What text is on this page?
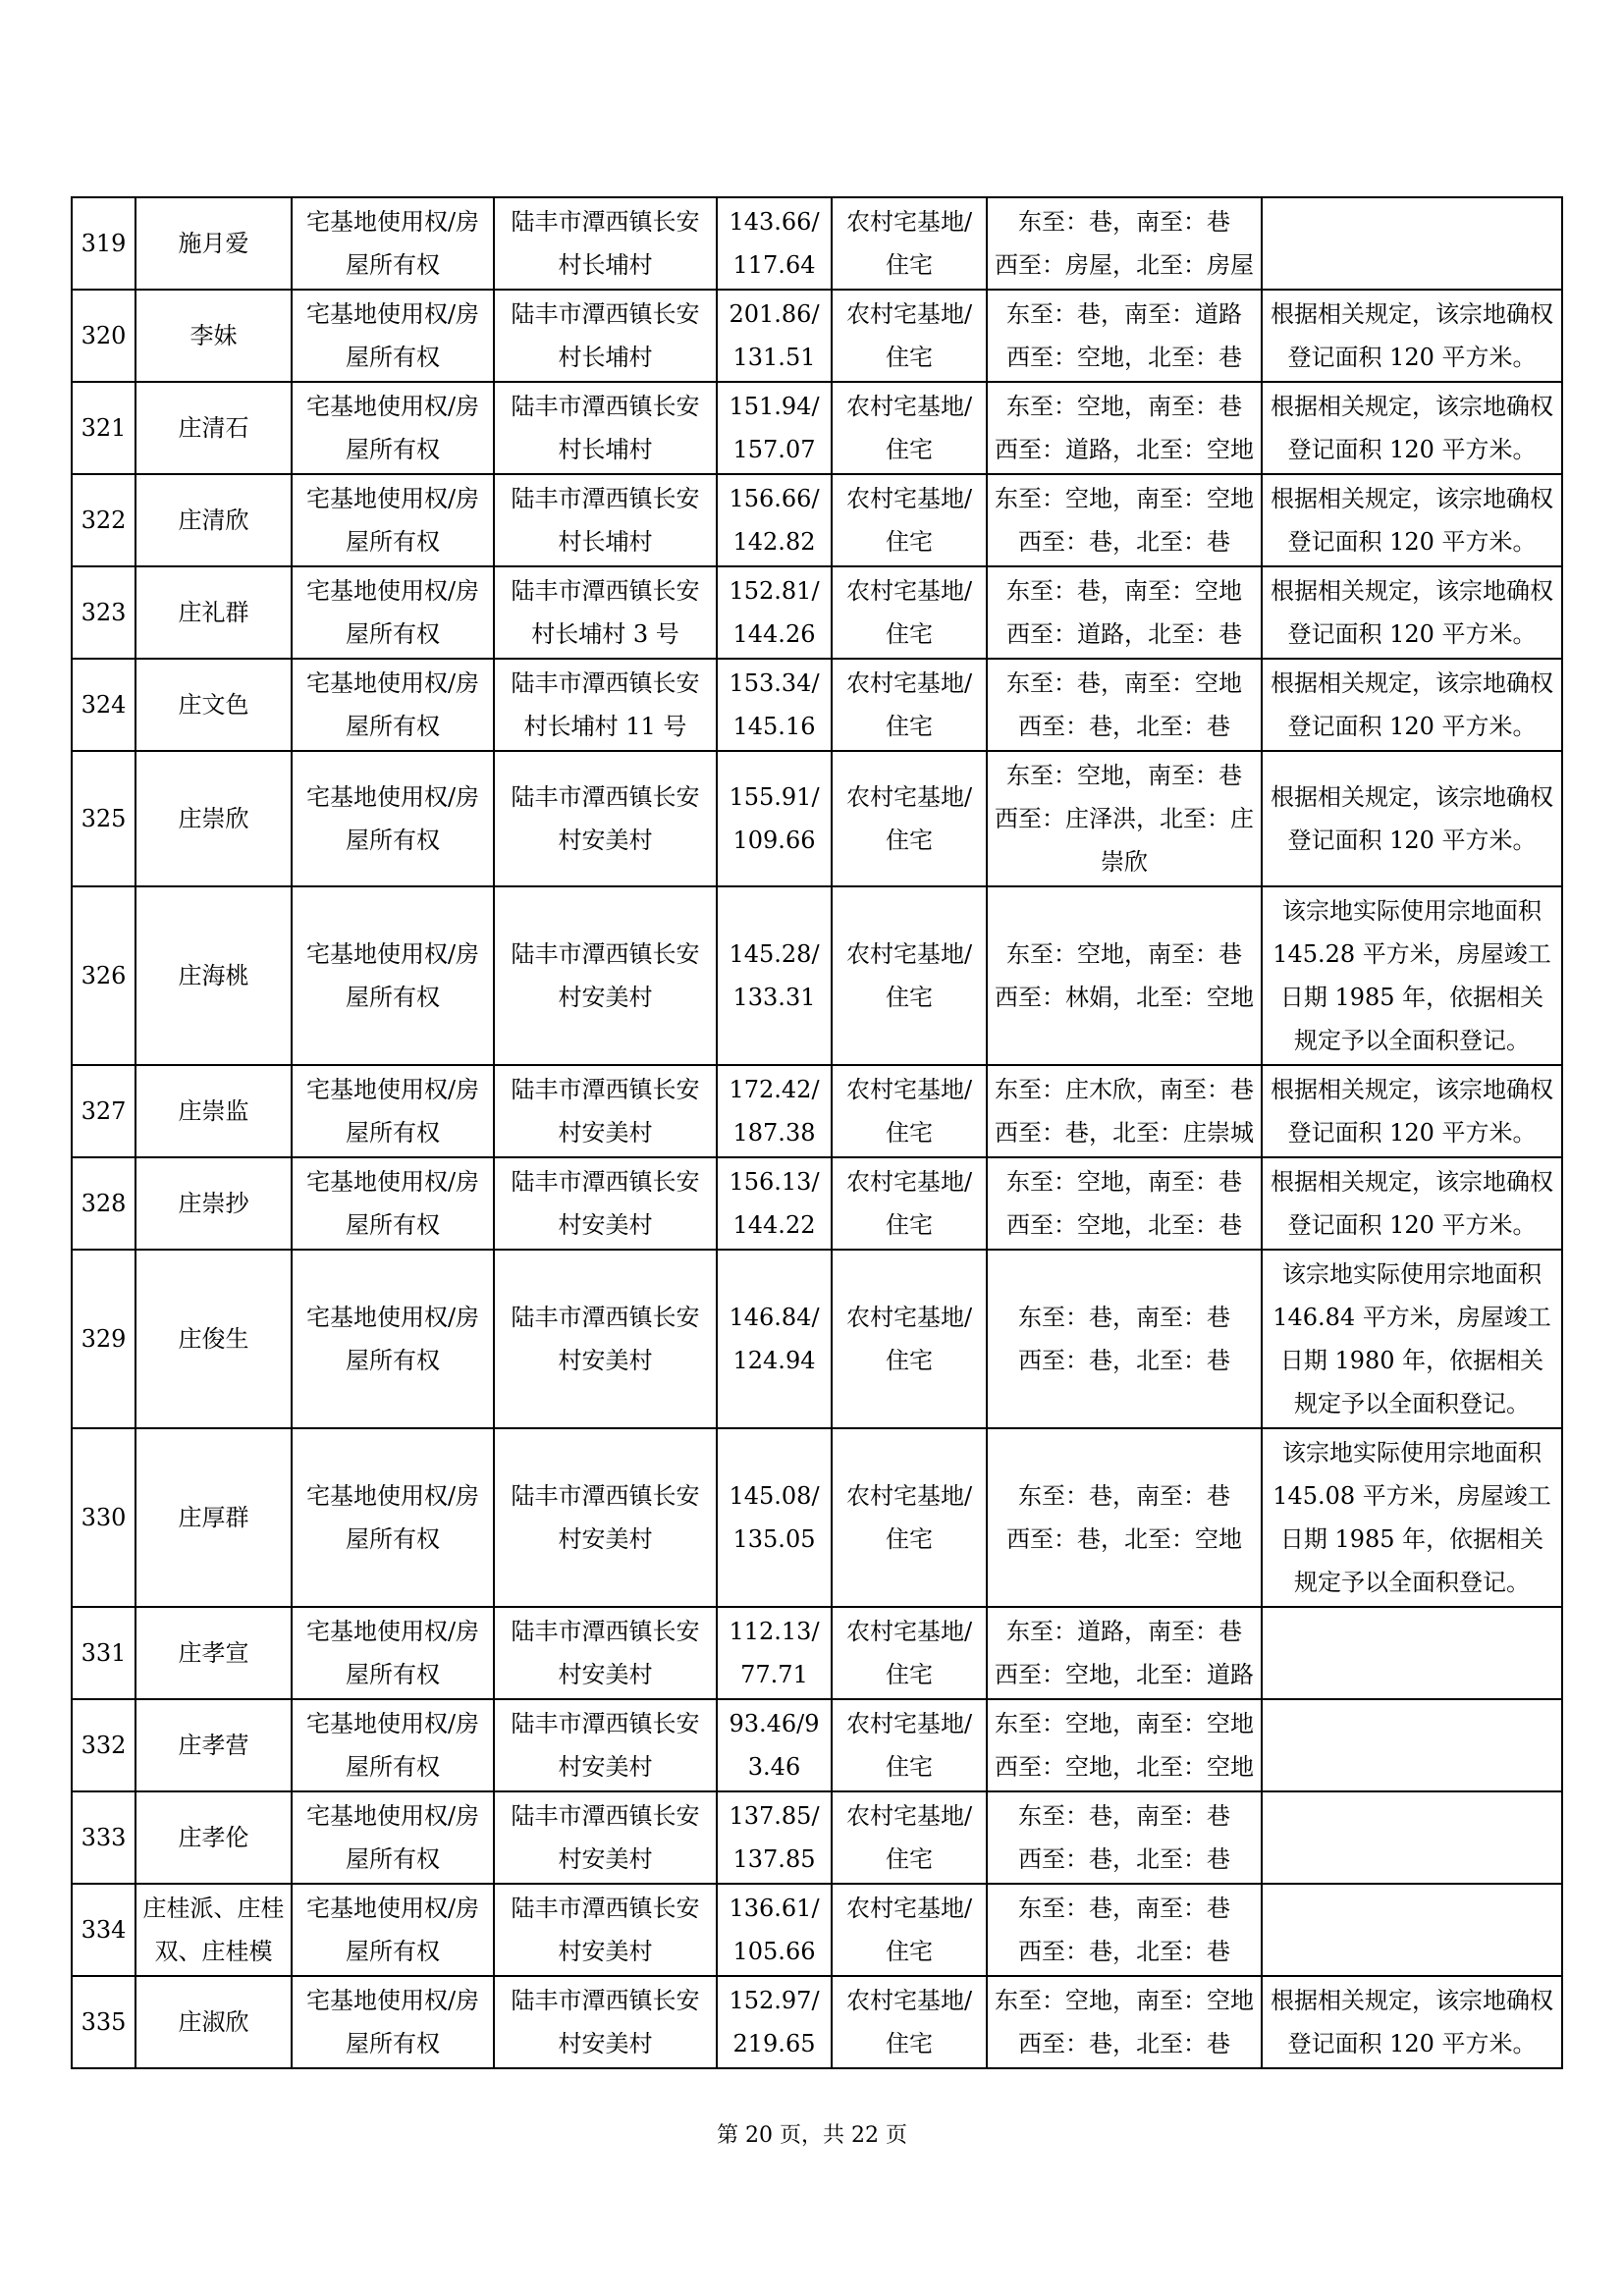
319	施月爱	宅基地使用权/房屋所有权	陆丰市潭西镇长安村长埔村	143.66/117.64	农村宅基地/住宅	东至：巷，南至：巷
西至：房屋，北至：房屋	

320	李妹	宅基地使用权/房屋所有权	陆丰市潭西镇长安村长埔村	201.86/131.51	农村宅基地/住宅	东至：巷，南至：道路
西至：空地，北至：巷	根据相关规定，该宗地确权登记面积 120 平方米。
321	庄清石	宅基地使用权/房屋所有权	陆丰市潭西镇长安村长埔村	151.94/157.07	农村宅基地/住宅	东至：空地，南至：巷
西至：道路，北至：空地	根据相关规定，该宗地确权登记面积 120 平方米。
322	庄清欣	宅基地使用权/房屋所有权	陆丰市潭西镇长安村长埔村	156.66/142.82	农村宅基地/住宅	东至：空地，南至：空地
西至：巷，北至：巷	根据相关规定，该宗地确权登记面积 120 平方米。
323	庄礼群	宅基地使用权/房屋所有权	陆丰市潭西镇长安村长埔村 3 号	152.81/144.26	农村宅基地/住宅	东至：巷，南至：空地
西至：道路，北至：巷	根据相关规定，该宗地确权登记面积 120 平方米。
324	庄文色	宅基地使用权/房屋所有权	陆丰市潭西镇长安村长埔村 11 号	153.34/145.16	农村宅基地/住宅	东至：巷，南至：空地
西至：巷，北至：巷	根据相关规定，该宗地确权登记面积 120 平方米。
325	庄崇欣	宅基地使用权/房屋所有权	陆丰市潭西镇长安村安美村	155.91/109.66	农村宅基地/住宅	东至：空地，南至：巷
西至：庄泽洪，北至：庄崇欣	根据相关规定，该宗地确权登记面积 120 平方米。
326	庄海桃	宅基地使用权/房屋所有权	陆丰市潭西镇长安村安美村	145.28/133.31	农村宅基地/住宅	东至：空地，南至：巷
西至：林娟，北至：空地	该宗地实际使用宗地面积 145.28 平方米，房屋竣工日期 1985 年，依据相关规定予以全面积登记。
327	庄崇监	宅基地使用权/房屋所有权	陆丰市潭西镇长安村安美村	172.42/187.38	农村宅基地/住宅	东至：庄木欣，南至：巷
西至：巷，北至：庄崇城	根据相关规定，该宗地确权登记面积 120 平方米。
328	庄崇抄	宅基地使用权/房屋所有权	陆丰市潭西镇长安村安美村	156.13/144.22	农村宅基地/住宅	东至：空地，南至：巷
西至：空地，北至：巷	根据相关规定，该宗地确权登记面积 120 平方米。
329	庄俊生	宅基地使用权/房屋所有权	陆丰市潭西镇长安村安美村	146.84/124.94	农村宅基地/住宅	东至：巷，南至：巷
西至：巷，北至：巷	该宗地实际使用宗地面积 146.84 平方米，房屋竣工日期 1980 年，依据相关规定予以全面积登记。
330	庄厚群	宅基地使用权/房屋所有权	陆丰市潭西镇长安村安美村	145.08/135.05	农村宅基地/住宅	东至：巷，南至：巷
西至：巷，北至：空地	该宗地实际使用宗地面积 145.08 平方米，房屋竣工日期 1985 年，依据相关规定予以全面积登记。
331	庄孝宣	宅基地使用权/房屋所有权	陆丰市潭西镇长安村安美村	112.13/77.71	农村宅基地/住宅	东至：道路，南至：巷
西至：空地，北至：道路	

332	庄孝营	宅基地使用权/房屋所有权	陆丰市潭西镇长安村安美村	93.46/93.46	农村宅基地/住宅	东至：空地，南至：空地
西至：空地，北至：空地	

333	庄孝伦	宅基地使用权/房屋所有权	陆丰市潭西镇长安村安美村	137.85/137.85	农村宅基地/住宅	东至：巷，南至：巷
西至：巷，北至：巷	

334	庄桂派、庄桂双、庄桂模	宅基地使用权/房屋所有权	陆丰市潭西镇长安村安美村	136.61/105.66	农村宅基地/住宅	东至：巷，南至：巷
西至：巷，北至：巷	

335	庄淑欣	宅基地使用权/房屋所有权	陆丰市潭西镇长安村安美村	152.97/219.65	农村宅基地/住宅	东至：空地，南至：空地
西至：巷，北至：巷	根据相关规定，该宗地确权登记面积 120 平方米。
第 20 页，共 22 页
